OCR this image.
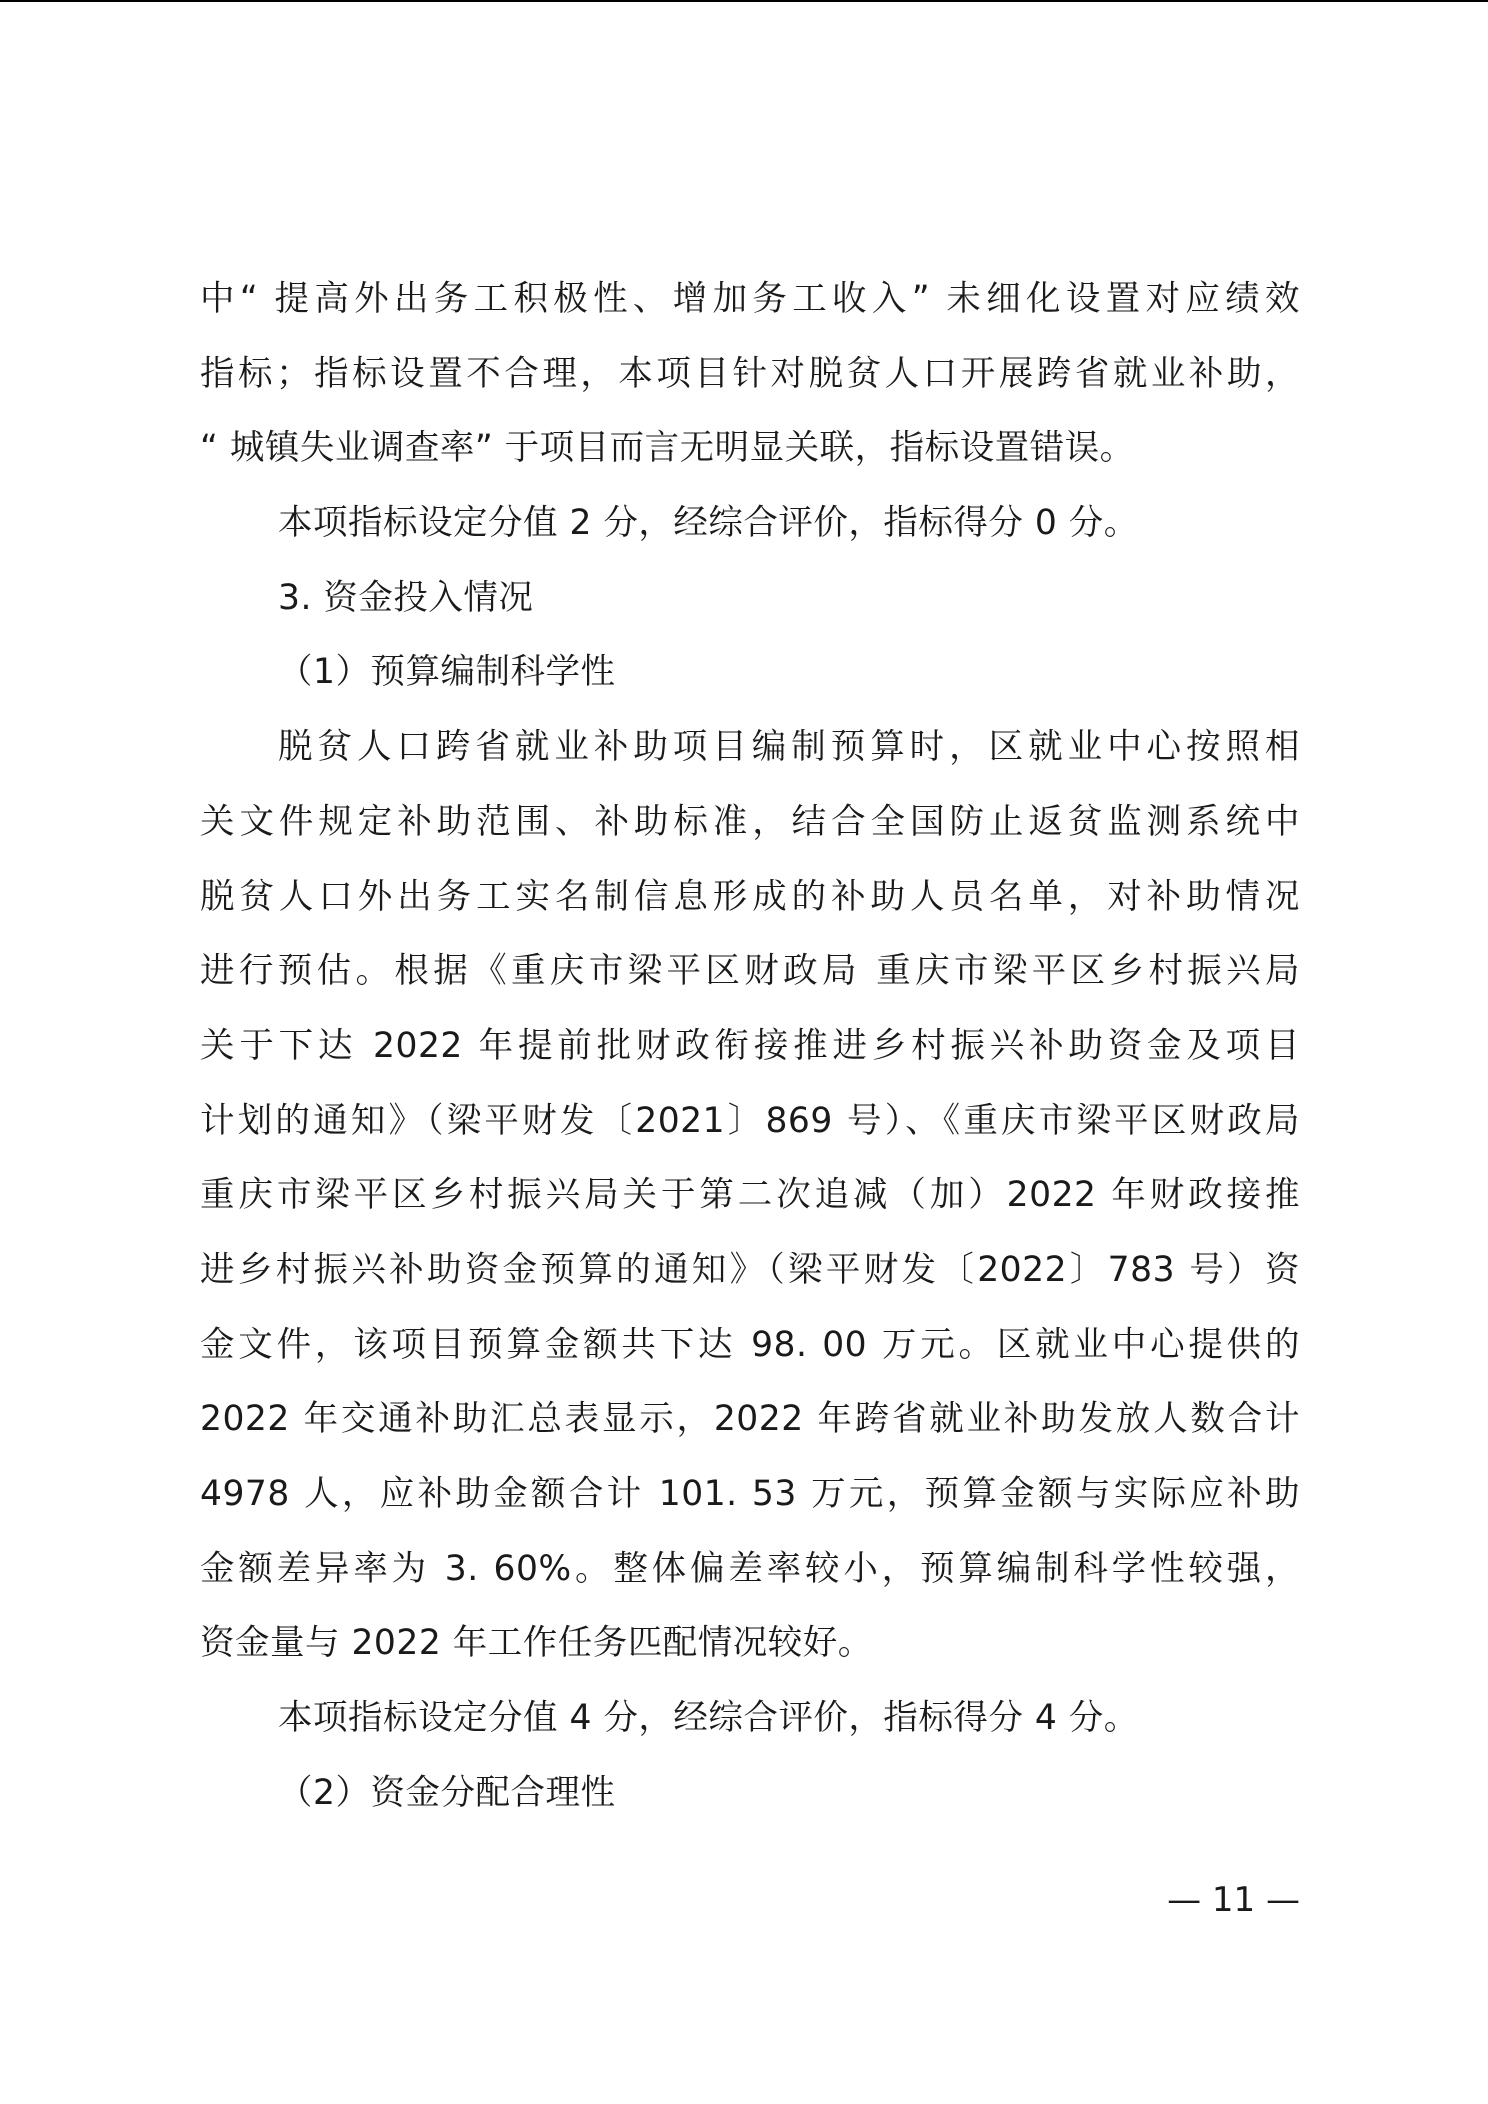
中“ 提高外出务工积极性、增加务工收入” 未细化设置对应绩效
指标；指标设置不合理，本项目针对脱贫人口开展跨省就业补助，
“ 城镇失业调查率” 于项目而言无明显关联，指标设置错误。
本项指标设定分值 2 分，经综合评价，指标得分 0 分。
3. 资金投入情况
（1）预算编制科学性
脱贫人口跨省就业补助项目编制预算时，区就业中心按照相
关文件规定补助范围、补助标准，结合全国防止返贫监测系统中
脱贫人口外出务工实名制信息形成的补助人员名单，对补助情况
进行预估。根据《重庆市梁平区财政局 重庆市梁平区乡村振兴局
关于下达 2022 年提前批财政衔接推进乡村振兴补助资金及项目
计划的通知》（梁平财发〔2021〕869 号）、《重庆市梁平区财政局
重庆市梁平区乡村振兴局关于第二次追减（加）2022 年财政接推
进乡村振兴补助资金预算的通知》（梁平财发〔2022〕783 号）资
金文件，该项目预算金额共下达 98. 00 万元。区就业中心提供的
2022 年交通补助汇总表显示，2022 年跨省就业补助发放人数合计
4978 人，应补助金额合计 101. 53 万元，预算金额与实际应补助
金额差异率为 3. 60%。整体偏差率较小，预算编制科学性较强，
资金量与 2022 年工作任务匹配情况较好。
本项指标设定分值 4 分，经综合评价，指标得分 4 分。
（2）资金分配合理性
— 11 —
